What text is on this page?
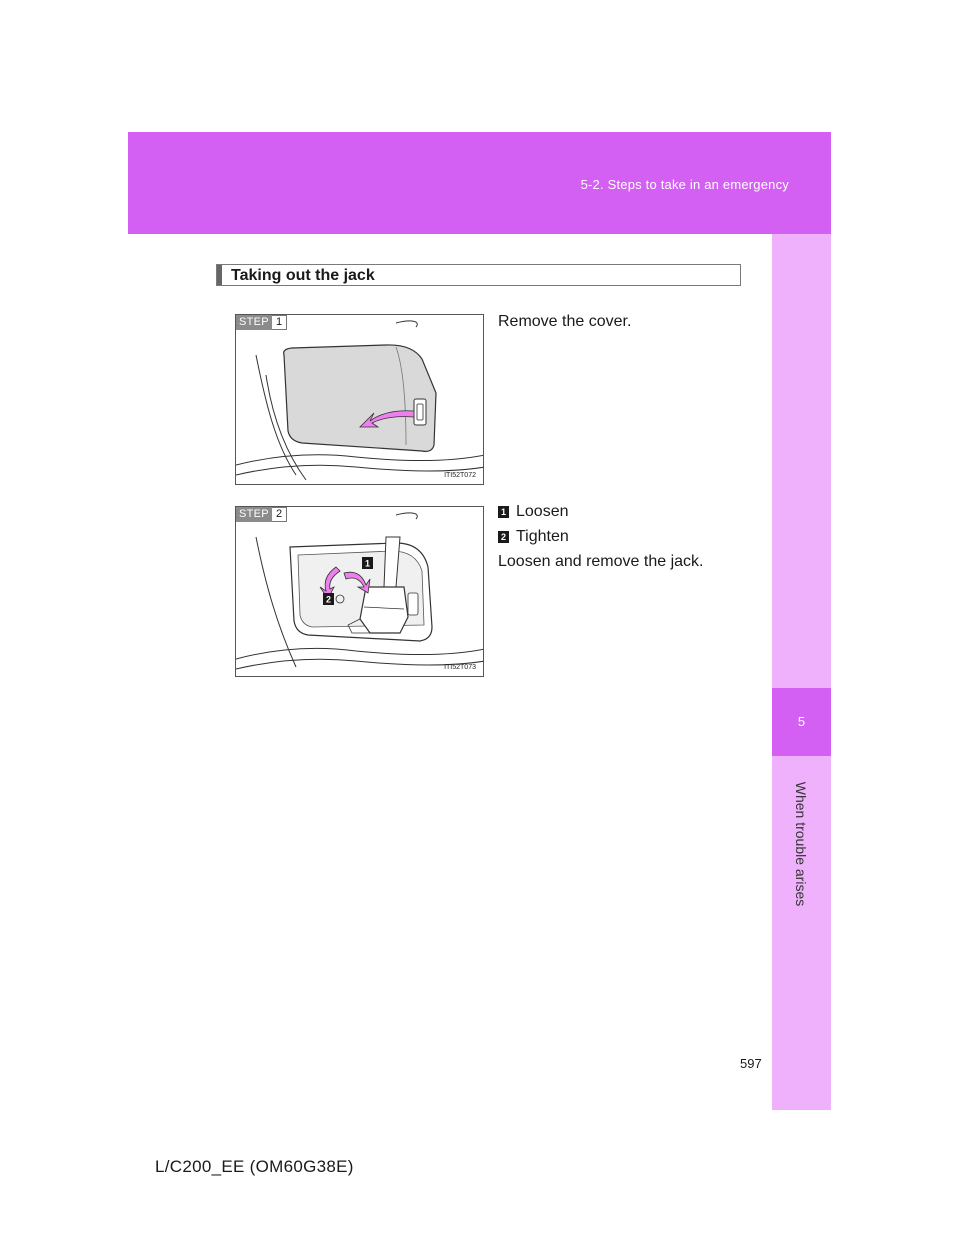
5-2. Steps to take in an emergency
5
When trouble arises
Taking out the jack
STEP 1
ITI52T072
Remove the cover.
STEP 2
1
2
ITI52T073
1 Loosen
2 Tighten
Loosen and remove the jack.
597
L/C200_EE (OM60G38E)
